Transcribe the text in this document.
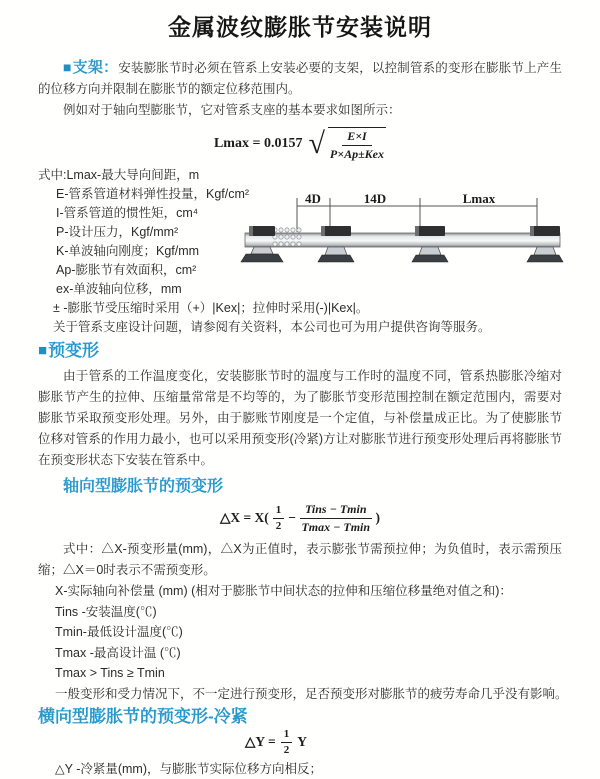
金属波纹膨胀节安装说明

■支架：安装膨胀节时必须在管系上安装必要的支架，以控制管系的变形在膨胀节上产生的位移方向并限制在膨胀节的额定位移范围内。

例如对于轴向型膨胀节，它对管系支座的基本要求如图所示：

Lmax = 0.0157 √ $\frac{E\times I}{\text{P×Ap±Kex}}$
式中:Lmax-最大导向间距，m
E-管系管道材料弹性投量，Kgf/cm²
I-管系管道的惯性矩，cm⁴
P-设计压力，Kgf/mm²
K-单波轴向刚度；Kgf/mm
Ap-膨胀节有效面积，cm²
ex-单波轴向位移，mm
± -膨胀节受压缩时采用（+）|Kex|；拉伸时采用(-)|Kex|。
关于管系支座设计问题，请参阅有关资料，本公司也可为用户提供咨询等服务。
4D	14D	Lmax
■ 预变形

由于管系的工作温度变化，安装膨胀节时的温度与工作时的温度不同，管系热膨胀冷缩对膨胀节产生的拉伸、压缩量常常是不均等的，为了膨胀节变形范围控制在额定范围内，需要对膨胀节采取预变形处理。另外，由于膨账节刚度是一个定值，与补偿量成正比。为了使膨胀节位移对管系的作用力最小，也可以采用预变形(冷紧)方让对膨胀节进行预变形处理后再将膨胀节在预变形状态下安装在管系中。

轴向型膨胀节的预变形
△X = $X( \frac{1}{2} - \frac{\text{Tins − Tmin}}{Tmax - Tmin}$ )

式中：△X-预变形量(mm)，△X为正值时，表示膨张节需预拉伸；为负值时，表示需预压缩；△X＝0时表示不需预变形。

X-实际轴向补偿量 (mm) (相对于膨胀节中间状态的拉伸和压缩位移量绝对值之和)：
Tins -安装温度(℃)
Tmin-最低设计温度(℃)
Tmax -最高设计温 (℃)
Tmax > Tins ≥ Tmin
一般变形和受力情况下，不一定进行预变形，足否预变形对膨胀节的疲劳寿命几乎没有影响。
横向型膨胀节的预变形-冷紧
△Y = $\frac{1}{2}$ Y
△Y -冷紧量(mm)，与膨胀节实际位移方向相反；
